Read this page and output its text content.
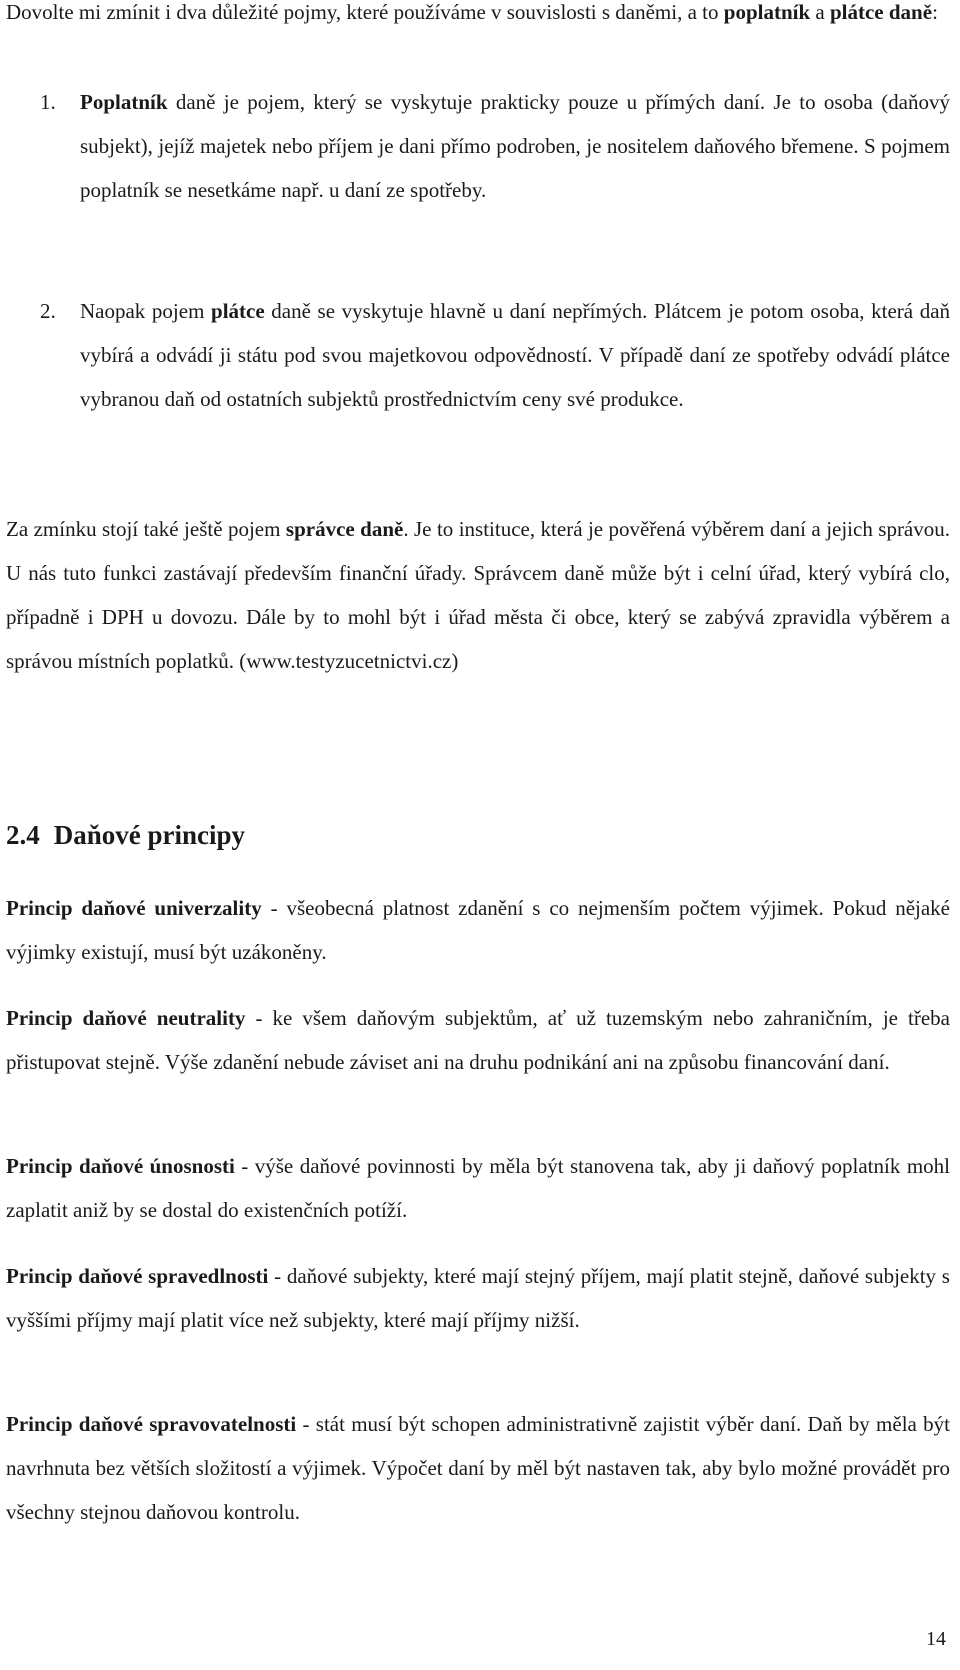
Dovolte mi zmínit i dva důležité pojmy, které používáme v souvislosti s daněmi, a to poplatník a plátce daně:

1. Poplatník daně je pojem, který se vyskytuje prakticky pouze u přímých daní. Je to osoba (daňový subjekt), jejíž majetek nebo příjem je dani přímo podroben, je nositelem daňového břemene. S pojmem poplatník se nesetkáme např. u daní ze spotřeby.

2. Naopak pojem plátce daně se vyskytuje hlavně u daní nepřímých. Plátcem je potom osoba, která daň vybírá a odvádí ji státu pod svou majetkovou odpovědností. V případě daní ze spotřeby odvádí plátce vybranou daň od ostatních subjektů prostřednictvím ceny své produkce.

Za zmínku stojí také ještě pojem správce daně. Je to instituce, která je pověřená výběrem daní a jejich správou. U nás tuto funkci zastávají především finanční úřady. Správcem daně může být i celní úřad, který vybírá clo, případně i DPH u dovozu. Dále by to mohl být i úřad města či obce, který se zabývá zpravidla výběrem a správou místních poplatků. (www.testyzucetnictvi.cz)

2.4 Daňové principy

Princip daňové univerzality - všeobecná platnost zdanění s co nejmenším počtem výjimek. Pokud nějaké výjimky existují, musí být uzákoněny.

Princip daňové neutrality - ke všem daňovým subjektům, ať už tuzemským nebo zahraničním, je třeba přistupovat stejně. Výše zdanění nebude záviset ani na druhu podnikání ani na způsobu financování daní.

Princip daňové únosnosti - výše daňové povinnosti by měla být stanovena tak, aby ji daňový poplatník mohl zaplatit aniž by se dostal do existenčních potíží.

Princip daňové spravedlnosti - daňové subjekty, které mají stejný příjem, mají platit stejně, daňové subjekty s vyššími příjmy mají platit více než subjekty, které mají příjmy nižší.

Princip daňové spravovatelnosti - stát musí být schopen administrativně zajistit výběr daní. Daň by měla být navrhnuta bez větších složitostí a výjimek. Výpočet daní by měl být nastaven tak, aby bylo možné provádět pro všechny stejnou daňovou kontrolu.

14
